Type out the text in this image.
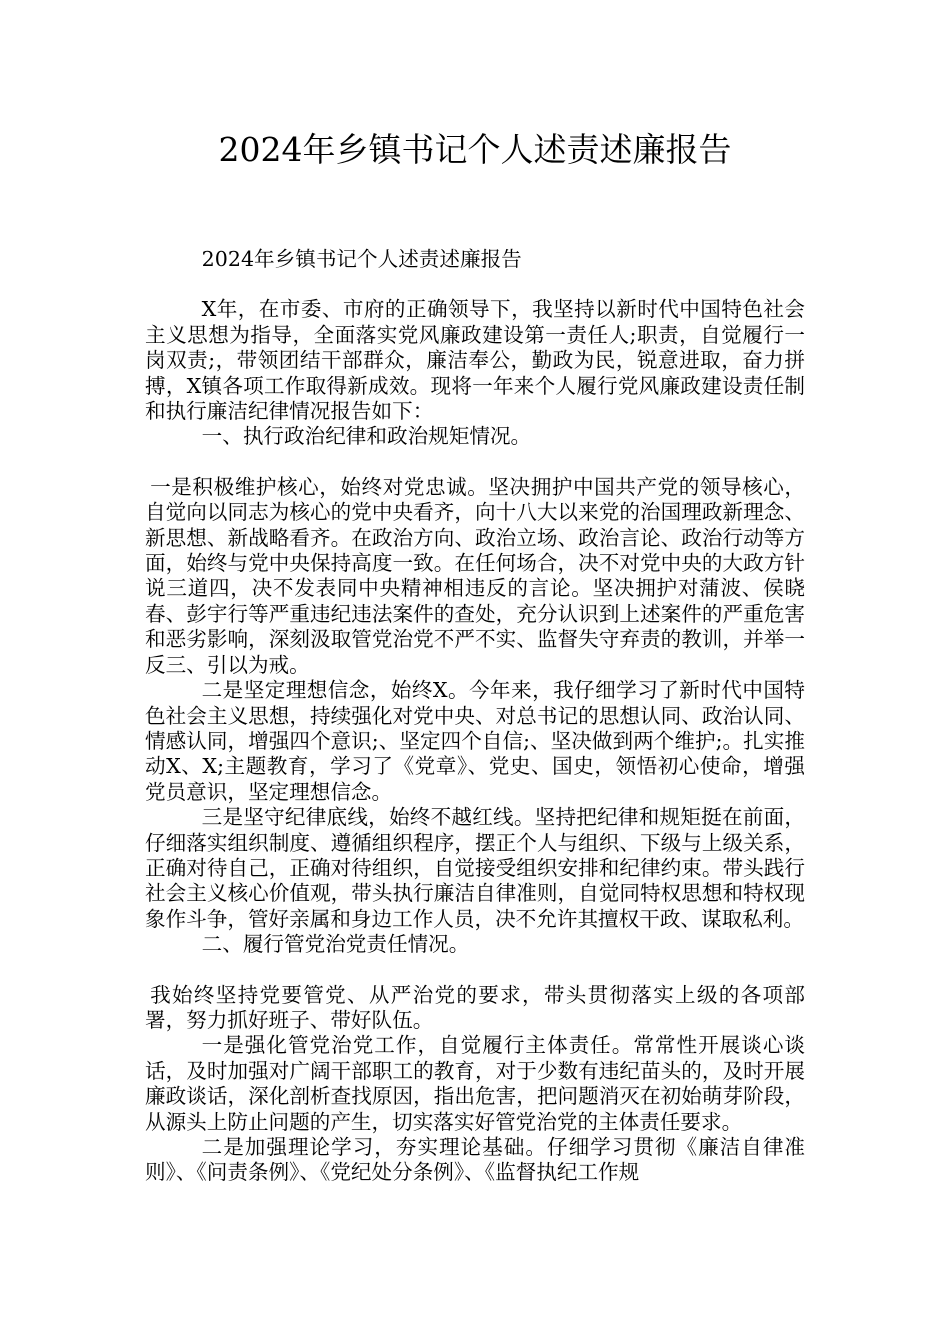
2024年乡镇书记个人述责述廉报告

2024年乡镇书记个人述责述廉报告

X年，在市委、市府的正确领导下，我坚持以新时代中国特色社会主义思想为指导，全面落实党风廉政建设第一责任人;职责，自觉履行一岗双责;，带领团结干部群众，廉洁奉公，勤政为民，锐意进取，奋力拼搏，X镇各项工作取得新成效。现将一年来个人履行党风廉政建设责任制和执行廉洁纪律情况报告如下：

一、执行政治纪律和政治规矩情况。

一是积极维护核心，始终对党忠诚。坚决拥护中国共产党的领导核心，自觉向以同志为核心的党中央看齐，向十八大以来党的治国理政新理念、新思想、新战略看齐。在政治方向、政治立场、政治言论、政治行动等方面，始终与党中央保持高度一致。在任何场合，决不对党中央的大政方针说三道四，决不发表同中央精神相违反的言论。坚决拥护对蒲波、侯晓春、彭宇行等严重违纪违法案件的查处，充分认识到上述案件的严重危害和恶劣影响，深刻汲取管党治党不严不实、监督失守弃责的教训，并举一反三、引以为戒。

二是坚定理想信念，始终X。今年来，我仔细学习了新时代中国特色社会主义思想，持续强化对党中央、对总书记的思想认同、政治认同、情感认同，增强四个意识;、坚定四个自信;、坚决做到两个维护;。扎实推动X、X;主题教育，学习了《党章》、党史、国史，领悟初心使命，增强党员意识，坚定理想信念。

三是坚守纪律底线，始终不越红线。坚持把纪律和规矩挺在前面，仔细落实组织制度、遵循组织程序，摆正个人与组织、下级与上级关系，正确对待自己，正确对待组织，自觉接受组织安排和纪律约束。带头践行社会主义核心价值观，带头执行廉洁自律准则，自觉同特权思想和特权现象作斗争，管好亲属和身边工作人员，决不允许其擅权干政、谋取私利。

二、履行管党治党责任情况。

我始终坚持党要管党、从严治党的要求，带头贯彻落实上级的各项部署，努力抓好班子、带好队伍。

一是强化管党治党工作，自觉履行主体责任。常常性开展谈心谈话，及时加强对广阔干部职工的教育，对于少数有违纪苗头的，及时开展廉政谈话，深化剖析查找原因，指出危害，把问题消灭在初始萌芽阶段，从源头上防止问题的产生，切实落实好管党治党的主体责任要求。

二是加强理论学习，夯实理论基础。仔细学习贯彻《廉洁自律准则》、《问责条例》、《党纪处分条例》、《监督执纪工作规
